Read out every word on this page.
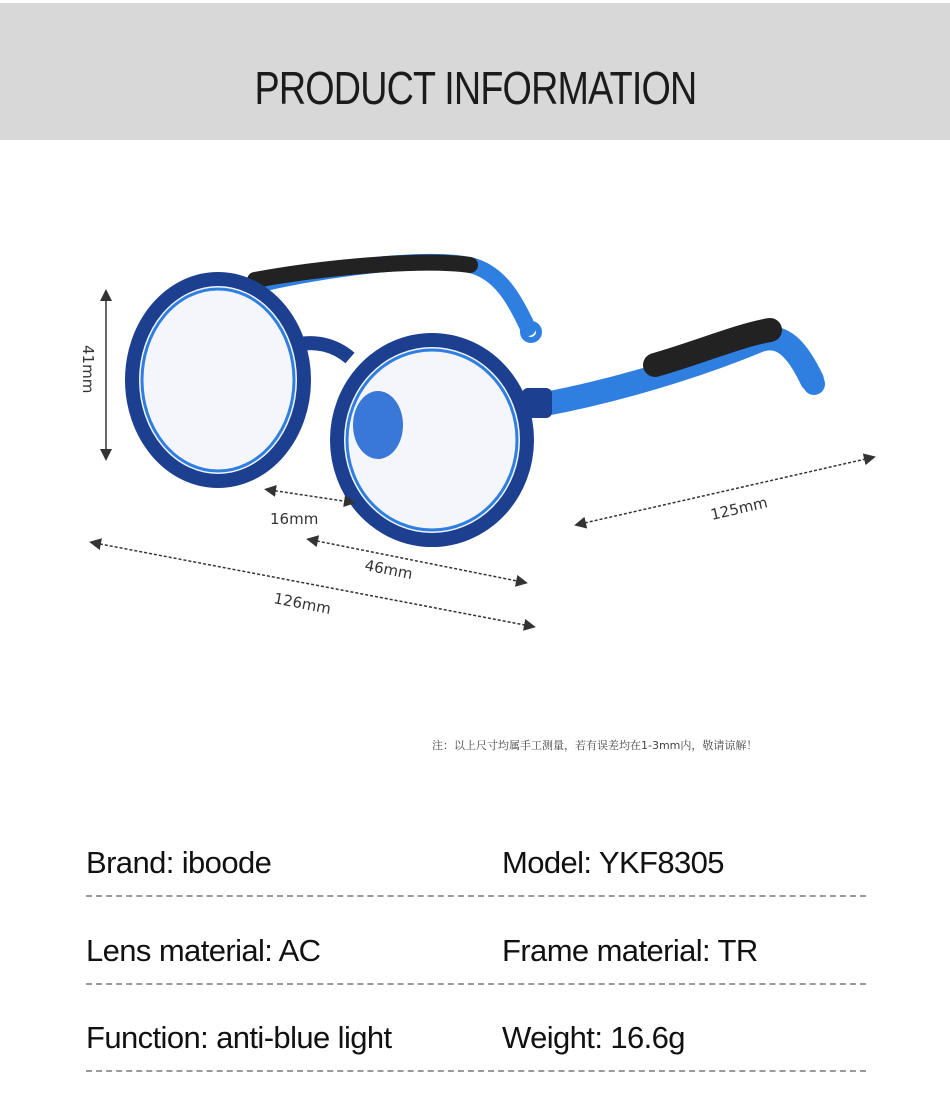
PRODUCT INFORMATION
41mm
16mm
46mm
126mm
125mm
注：以上尺寸均属手工测量，若有误差均在1-3mm内，敬请谅解！
Brand: iboode	Model: YKF8305
Lens material: AC	Frame material: TR
Function: anti-blue light	Weight: 16.6g
